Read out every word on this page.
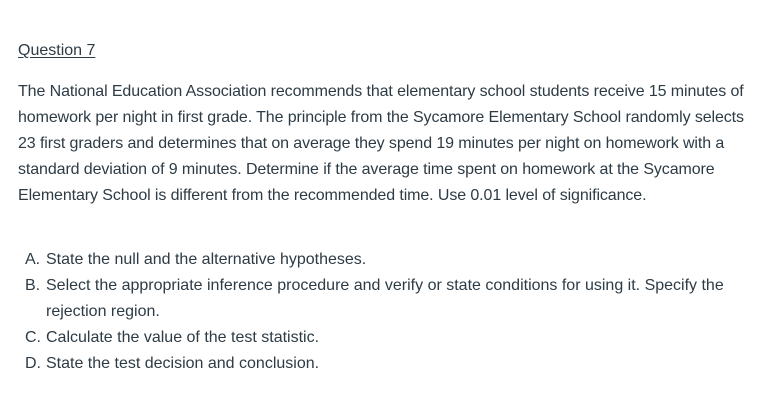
Question 7

The National Education Association recommends that elementary school students receive 15 minutes of homework per night in first grade. The principle from the Sycamore Elementary School randomly selects 23 first graders and determines that on average they spend 19 minutes per night on homework with a standard deviation of 9 minutes. Determine if the average time spent on homework at the Sycamore Elementary School is different from the recommended time. Use 0.01 level of significance.

A. State the null and the alternative hypotheses.
B. Select the appropriate inference procedure and verify or state conditions for using it. Specify the rejection region.
C. Calculate the value of the test statistic.
D. State the test decision and conclusion.
